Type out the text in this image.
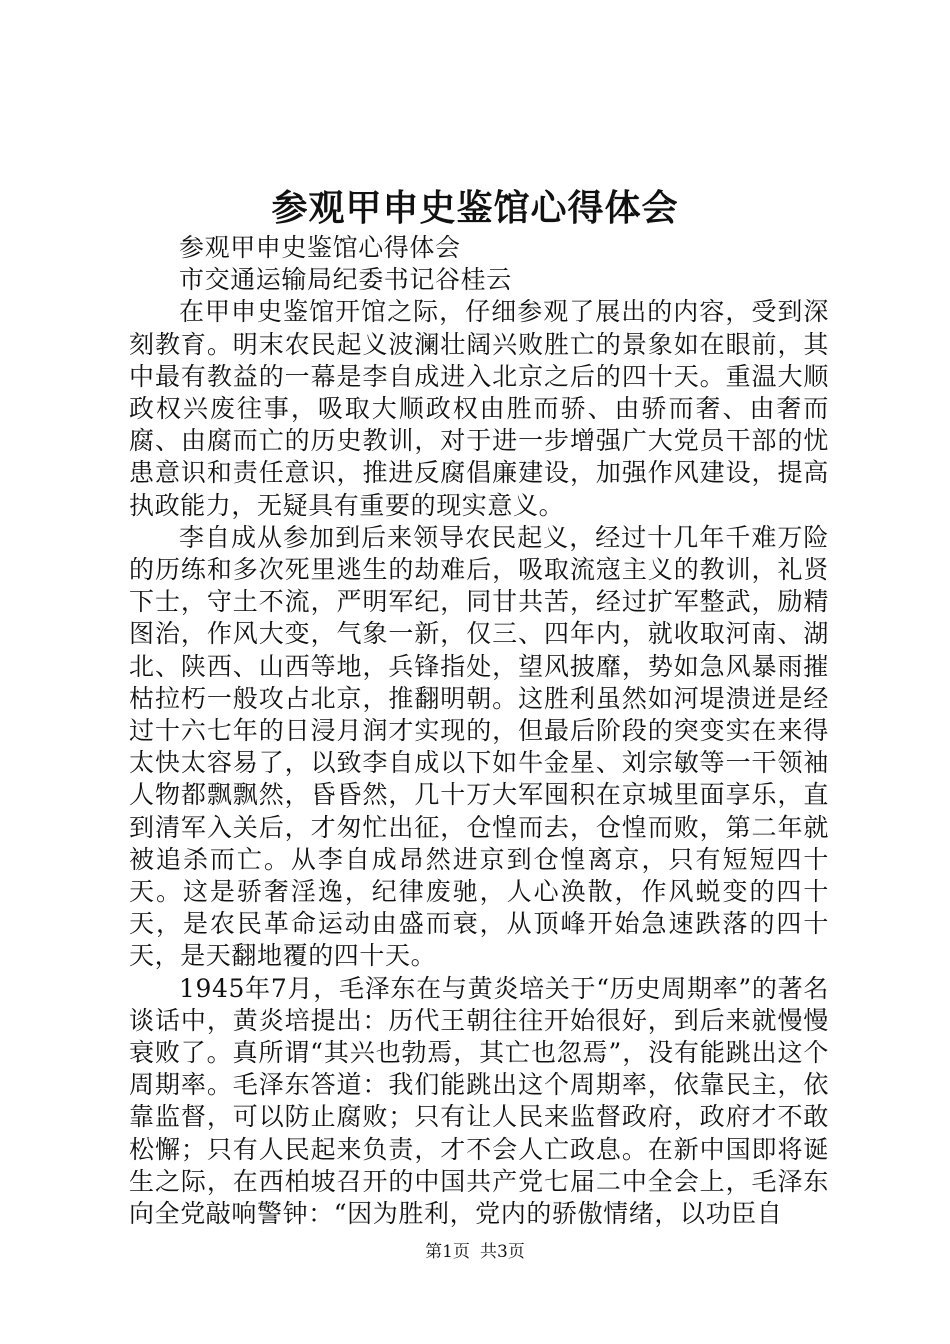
参观甲申史鉴馆心得体会

参观甲申史鉴馆心得体会

市交通运输局纪委书记谷桂云

在甲申史鉴馆开馆之际，仔细参观了展出的内容，受到深刻教育。明末农民起义波澜壮阔兴败胜亡的景象如在眼前，其中最有教益的一幕是李自成进入北京之后的四十天。重温大顺政权兴废往事，吸取大顺政权由胜而骄、由骄而奢、由奢而腐、由腐而亡的历史教训，对于进一步增强广大党员干部的忧患意识和责任意识，推进反腐倡廉建设，加强作风建设，提高执政能力，无疑具有重要的现实意义。

李自成从参加到后来领导农民起义，经过十几年千难万险的历练和多次死里逃生的劫难后，吸取流寇主义的教训，礼贤下士，守土不流，严明军纪，同甘共苦，经过扩军整武，励精图治，作风大变，气象一新，仅三、四年内，就收取河南、湖北、陕西、山西等地，兵锋指处，望风披靡，势如急风暴雨摧枯拉朽一般攻占北京，推翻明朝。这胜利虽然如河堤溃迸是经过十六七年的日浸月润才实现的，但最后阶段的突变实在来得太快太容易了，以致李自成以下如牛金星、刘宗敏等一干领袖人物都飘飘然，昏昏然，几十万大军囤积在京城里面享乐，直到清军入关后，才匆忙出征，仓惶而去，仓惶而败，第二年就被追杀而亡。从李自成昂然进京到仓惶离京，只有短短四十天。这是骄奢淫逸，纪律废驰，人心涣散，作风蜕变的四十天，是农民革命运动由盛而衰，从顶峰开始急速跌落的四十天，是天翻地覆的四十天。

1945年7月，毛泽东在与黄炎培关于“历史周期率”的著名谈话中，黄炎培提出：历代王朝往往开始很好，到后来就慢慢衰败了。真所谓“其兴也勃焉，其亡也忽焉”，没有能跳出这个周期率。毛泽东答道：我们能跳出这个周期率，依靠民主，依靠监督，可以防止腐败；只有让人民来监督政府，政府才不敢松懈；只有人民起来负责，才不会人亡政息。在新中国即将诞生之际，在西柏坡召开的中国共产党七届二中全会上，毛泽东向全党敲响警钟：“因为胜利，党内的骄傲情绪，以功臣自

第1页 共3页
